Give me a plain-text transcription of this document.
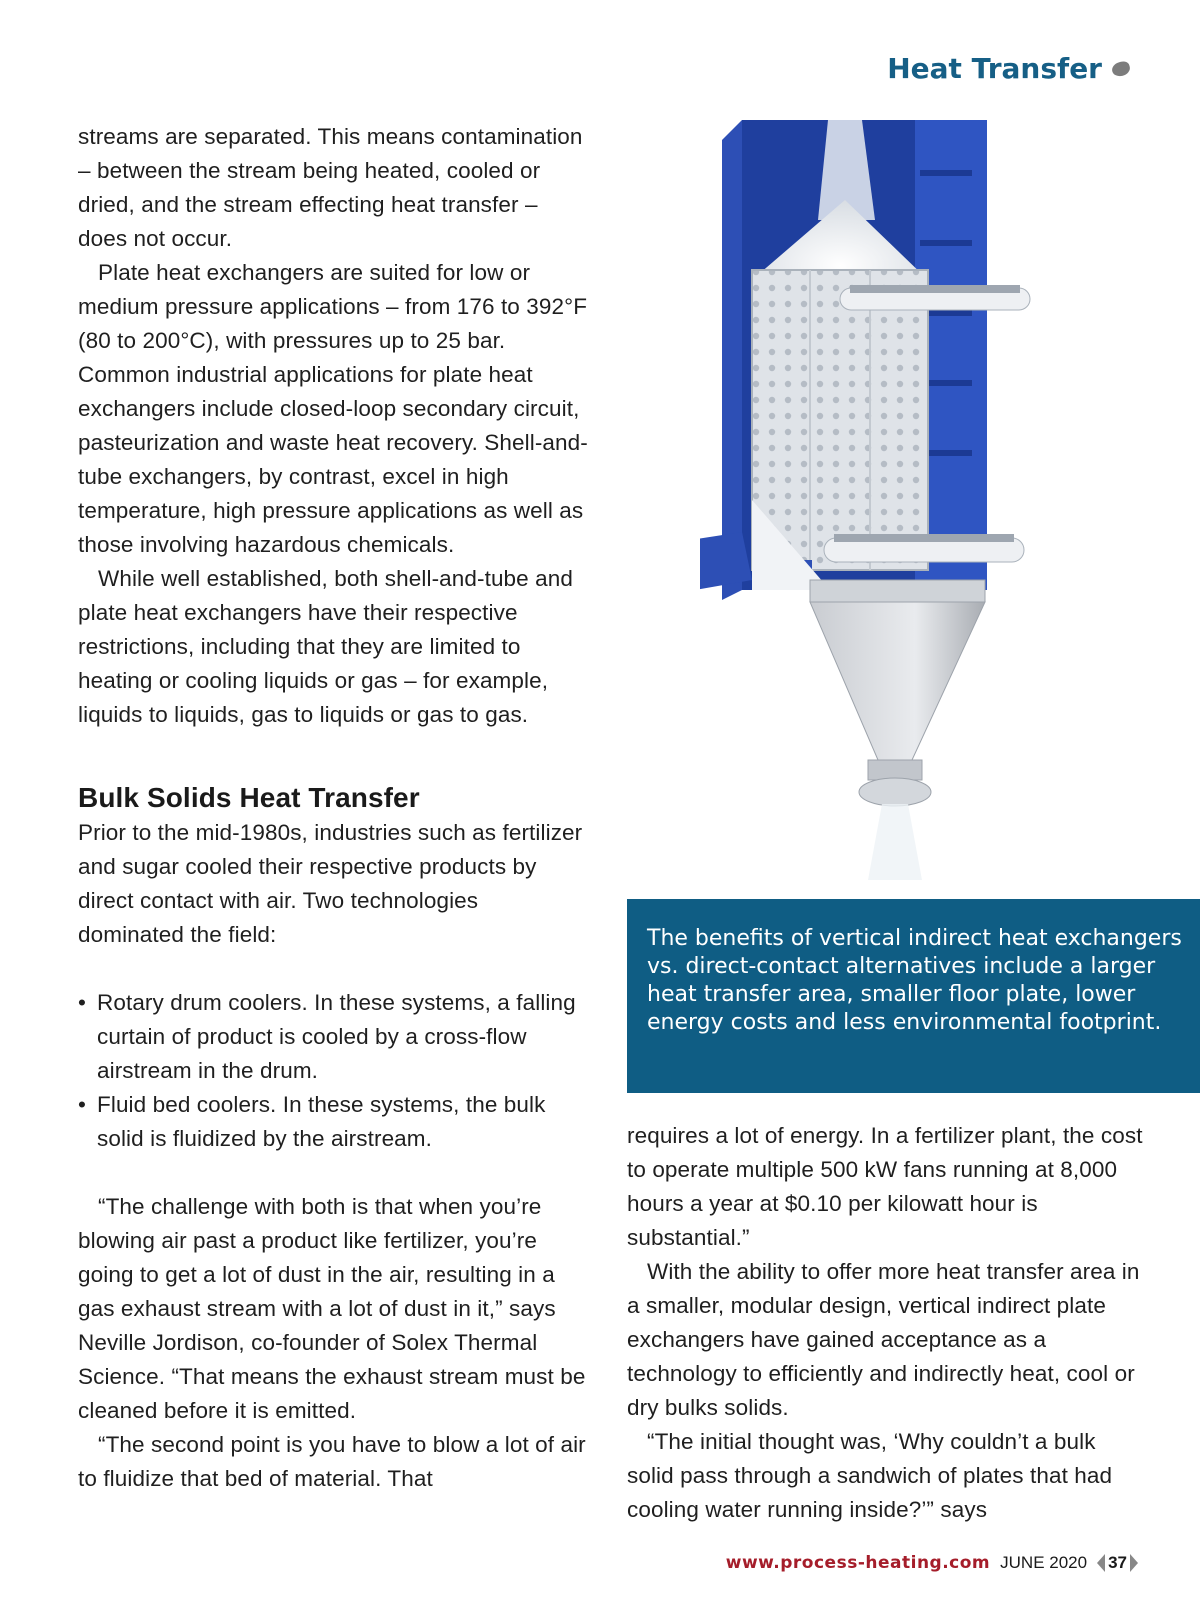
Heat Transfer

streams are separated. This means contamination – between the stream being heated, cooled or dried, and the stream effecting heat transfer – does not occur.

Plate heat exchangers are suited for low or medium pressure applications – from 176 to 392°F (80 to 200°C), with pressures up to 25 bar. Common industrial applications for plate heat exchangers include closed-loop secondary circuit, pasteurization and waste heat recovery. Shell-and-tube exchangers, by contrast, excel in high temperature, high pressure applications as well as those involving hazardous chemicals.

While well established, both shell-and-tube and plate heat exchangers have their respective restrictions, including that they are limited to heating or cooling liquids or gas – for example, liquids to liquids, gas to liquids or gas to gas.

Bulk Solids Heat Transfer

Prior to the mid-1980s, industries such as fertilizer and sugar cooled their respective products by direct contact with air. Two technologies dominated the field:

• Rotary drum coolers. In these systems, a falling curtain of product is cooled by a cross-flow airstream in the drum.
• Fluid bed coolers. In these systems, the bulk solid is fluidized by the airstream.

“The challenge with both is that when you’re blowing air past a product like fertilizer, you’re going to get a lot of dust in the air, resulting in a gas exhaust stream with a lot of dust in it,” says Neville Jordison, co-founder of Solex Thermal Science. “That means the exhaust stream must be cleaned before it is emitted.

“The second point is you have to blow a lot of air to fluidize that bed of material. That

The benefits of vertical indirect heat exchangers vs. direct-contact alternatives include a larger heat transfer area, smaller floor plate, lower energy costs and less environmental footprint.

requires a lot of energy. In a fertilizer plant, the cost to operate multiple 500 kW fans running at 8,000 hours a year at $0.10 per kilowatt hour is substantial.”

With the ability to offer more heat transfer area in a smaller, modular design, vertical indirect plate exchangers have gained acceptance as a technology to efficiently and indirectly heat, cool or dry bulks solids.

“The initial thought was, ‘Why couldn’t a bulk solid pass through a sandwich of plates that had cooling water running inside?’” says

www.process-heating.com JUNE 2020 37
